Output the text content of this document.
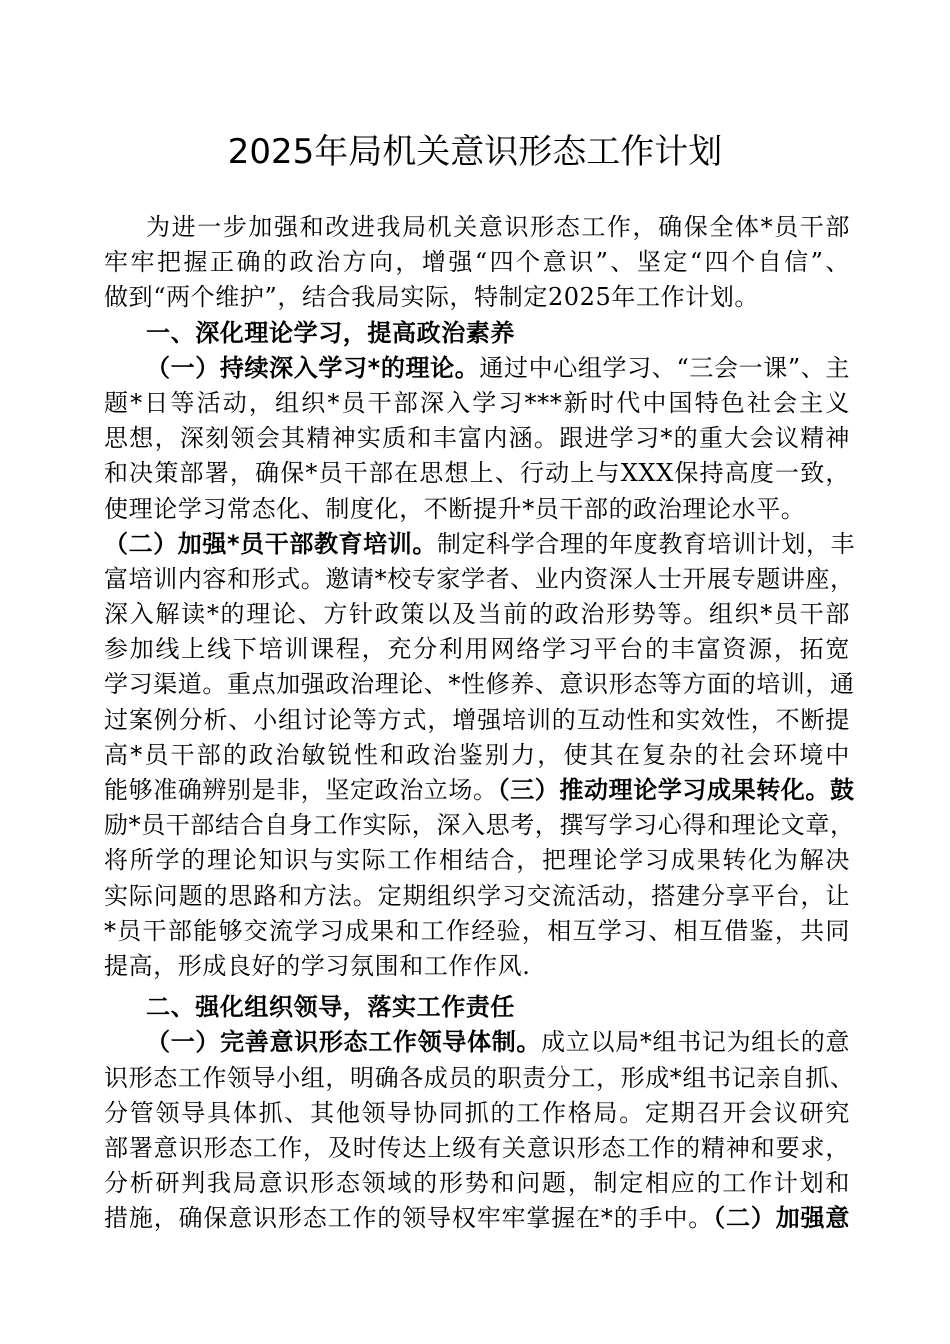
2025年局机关意识形态工作计划
为进一步加强和改进我局机关意识形态工作，确保全体*员干部
牢牢把握正确的政治方向，增强“四个意识”、坚定“四个自信”、
做到“两个维护”，结合我局实际，特制定2025年工作计划。
一、深化理论学习，提高政治素养
（一）持续深入学习*的理论。通过中心组学习、“三会一课”、主
题*日等活动，组织*员干部深入学习***新时代中国特色社会主义
思想，深刻领会其精神实质和丰富内涵。跟进学习*的重大会议精神
和决策部署，确保*员干部在思想上、行动上与XXX保持高度一致，
使理论学习常态化、制度化，不断提升*员干部的政治理论水平。
（二）加强*员干部教育培训。制定科学合理的年度教育培训计划，丰
富培训内容和形式。邀请*校专家学者、业内资深人士开展专题讲座，
深入解读*的理论、方针政策以及当前的政治形势等。组织*员干部
参加线上线下培训课程，充分利用网络学习平台的丰富资源，拓宽
学习渠道。重点加强政治理论、*性修养、意识形态等方面的培训，通
过案例分析、小组讨论等方式，增强培训的互动性和实效性，不断提
高*员干部的政治敏锐性和政治鉴别力，使其在复杂的社会环境中
能够准确辨别是非，坚定政治立场。（三）推动理论学习成果转化。鼓
励*员干部结合自身工作实际，深入思考，撰写学习心得和理论文章，
将所学的理论知识与实际工作相结合，把理论学习成果转化为解决
实际问题的思路和方法。定期组织学习交流活动，搭建分享平台，让
*员干部能够交流学习成果和工作经验，相互学习、相互借鉴，共同
提高，形成良好的学习氛围和工作作风.
二、强化组织领导，落实工作责任
（一）完善意识形态工作领导体制。成立以局*组书记为组长的意
识形态工作领导小组，明确各成员的职责分工，形成*组书记亲自抓、
分管领导具体抓、其他领导协同抓的工作格局。定期召开会议研究
部署意识形态工作，及时传达上级有关意识形态工作的精神和要求，
分析研判我局意识形态领域的形势和问题，制定相应的工作计划和
措施，确保意识形态工作的领导权牢牢掌握在*的手中。（二）加强意
